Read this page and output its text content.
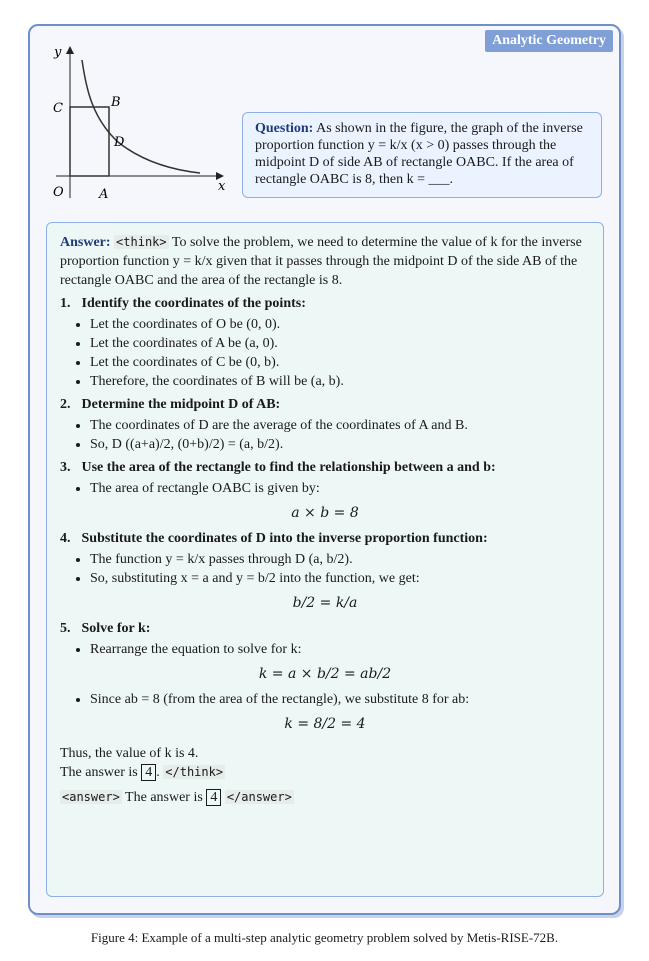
Analytic Geometry
y
x
C	B
D
O	A
Question: As shown in the figure, the graph of the inverse proportion function y = k/x (x > 0) passes through the midpoint D of side AB of rectangle OABC. If the area of rectangle OABC is 8, then k = ___.
Answer: <think> To solve the problem, we need to determine the value of k for the inverse proportion function y = k/x given that it passes through the midpoint D of the side AB of the rectangle OABC and the area of the rectangle is 8.
1. Identify the coordinates of the points:
• Let the coordinates of O be (0, 0).
• Let the coordinates of A be (a, 0).
• Let the coordinates of C be (0, b).
• Therefore, the coordinates of B will be (a, b).
2. Determine the midpoint D of AB:
• The coordinates of D are the average of the coordinates of A and B.
• So, D ((a+a)/2, (0+b)/2) = (a, b/2).
3. Use the area of the rectangle to find the relationship between a and b:
• The area of rectangle OABC is given by:
a × b = 8
4. Substitute the coordinates of D into the inverse proportion function:
• The function y = k/x passes through D (a, b/2).
• So, substituting x = a and y = b/2 into the function, we get:
b/2 = k/a
5. Solve for k:
• Rearrange the equation to solve for k:
k = a × b/2 = ab/2
• Since ab = 8 (from the area of the rectangle), we substitute 8 for ab:
k = 8/2 = 4
Thus, the value of k is 4.
The answer is 4 . </think>
<answer> The answer is 4 </answer>
Figure 4: Example of a multi-step analytic geometry problem solved by Metis-RISE-72B.
